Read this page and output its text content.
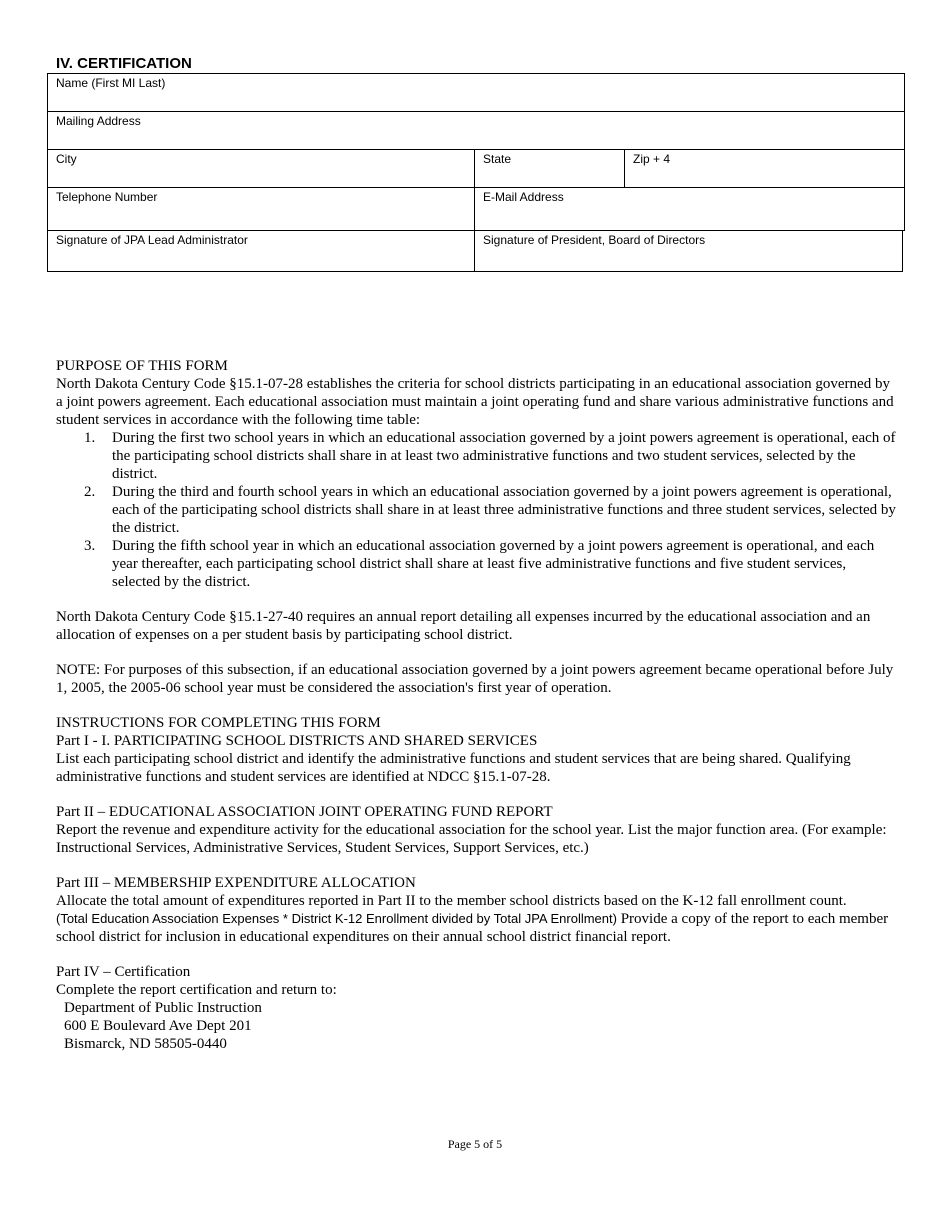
IV. CERTIFICATION
Name (First MI Last)
Mailing Address
City	State	Zip + 4
Telephone Number	E-Mail Address
Signature of JPA Lead Administrator	Signature of President, Board of Directors

PURPOSE OF THIS FORM

North Dakota Century Code §15.1-07-28 establishes the criteria for school districts participating in an educational association governed by a joint powers agreement. Each educational association must maintain a joint operating fund and share various administrative functions and student services in accordance with the following time table:

1. During the first two school years in which an educational association governed by a joint powers agreement is operational, each of the participating school districts shall share in at least two administrative functions and two student services, selected by the district.
2. During the third and fourth school years in which an educational association governed by a joint powers agreement is operational, each of the participating school districts shall share in at least three administrative functions and three student services, selected by the district.
3. During the fifth school year in which an educational association governed by a joint powers agreement is operational, and each year thereafter, each participating school district shall share at least five administrative functions and five student services, selected by the district.

North Dakota Century Code §15.1-27-40 requires an annual report detailing all expenses incurred by the educational association and an allocation of expenses on a per student basis by participating school district.

NOTE: For purposes of this subsection, if an educational association governed by a joint powers agreement became operational before July 1, 2005, the 2005-06 school year must be considered the association's first year of operation.

INSTRUCTIONS FOR COMPLETING THIS FORM

Part I - I. PARTICIPATING SCHOOL DISTRICTS AND SHARED SERVICES

List each participating school district and identify the administrative functions and student services that are being shared. Qualifying administrative functions and student services are identified at NDCC §15.1-07-28.

Part II – EDUCATIONAL ASSOCIATION JOINT OPERATING FUND REPORT

Report the revenue and expenditure activity for the educational association for the school year. List the major function area. (For example: Instructional Services, Administrative Services, Student Services, Support Services, etc.)

Part III – MEMBERSHIP EXPENDITURE ALLOCATION

Allocate the total amount of expenditures reported in Part II to the member school districts based on the K-12 fall enrollment count.
(Total Education Association Expenses * District K-12 Enrollment divided by Total JPA Enrollment) Provide a copy of the report to each member school district for inclusion in educational expenditures on their annual school district financial report.

Part IV – Certification

Complete the report certification and return to:

Department of Public Instruction

600 E Boulevard Ave Dept 201

Bismarck, ND 58505-0440

Page 5 of 5
